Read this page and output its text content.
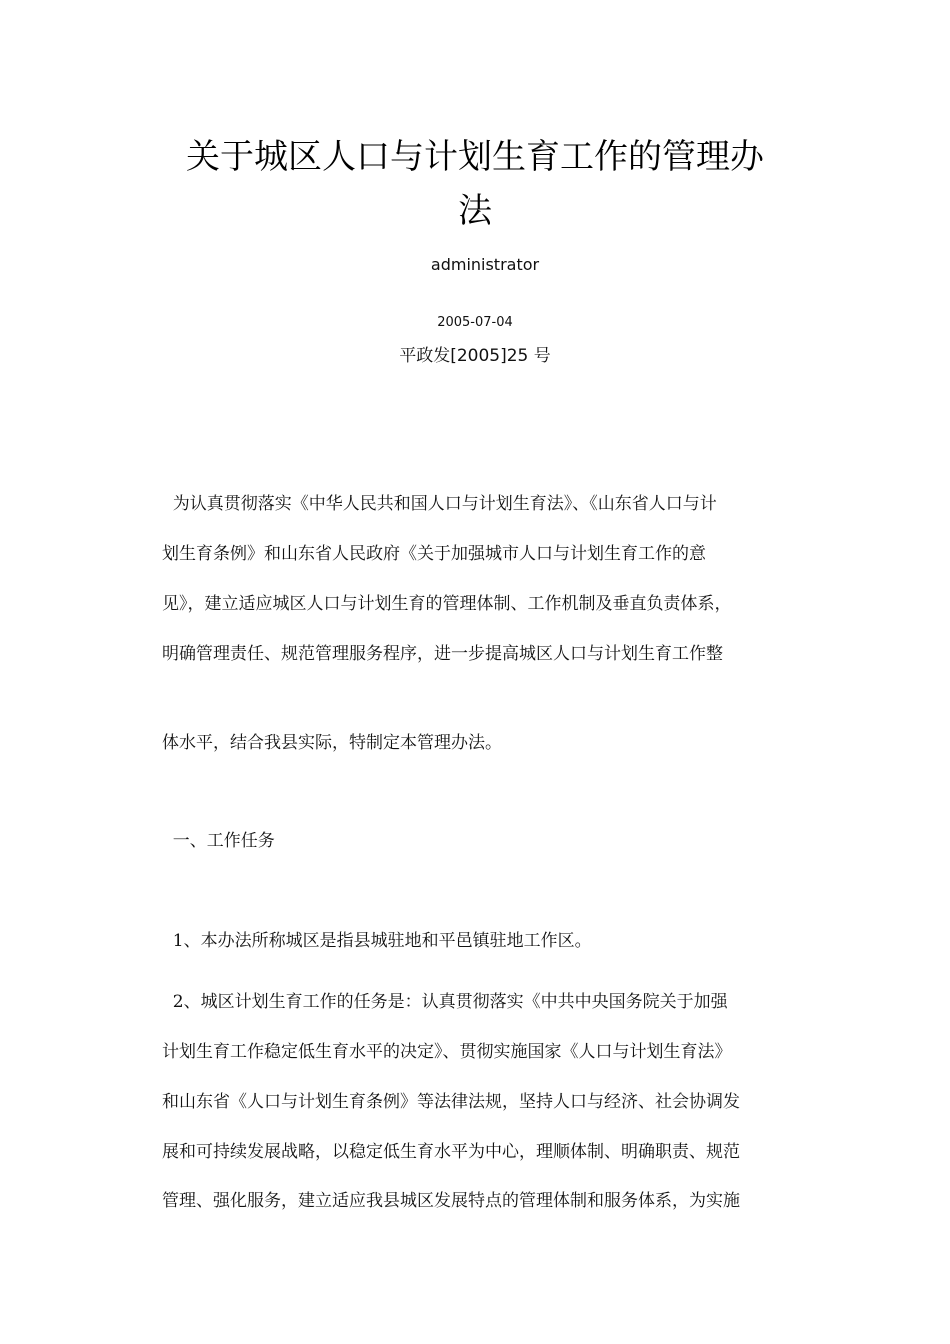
关于城区人口与计划生育工作的管理办
法
administrator
2005-07-04
平政发[2005]25 号
为认真贯彻落实《中华人民共和国人口与计划生育法》、《山东省人口与计
划生育条例》和山东省人民政府《关于加强城市人口与计划生育工作的意
见》，建立适应城区人口与计划生育的管理体制、工作机制及垂直负责体系，
明确管理责任、规范管理服务程序，进一步提高城区人口与计划生育工作整
体水平，结合我县实际，特制定本管理办法。
一、工作任务
1、本办法所称城区是指县城驻地和平邑镇驻地工作区。
2、城区计划生育工作的任务是：认真贯彻落实《中共中央国务院关于加强
计划生育工作稳定低生育水平的决定》、贯彻实施国家《人口与计划生育法》
和山东省《人口与计划生育条例》等法律法规，坚持人口与经济、社会协调发
展和可持续发展战略，以稳定低生育水平为中心，理顺体制、明确职责、规范
管理、强化服务，建立适应我县城区发展特点的管理体制和服务体系，为实施
